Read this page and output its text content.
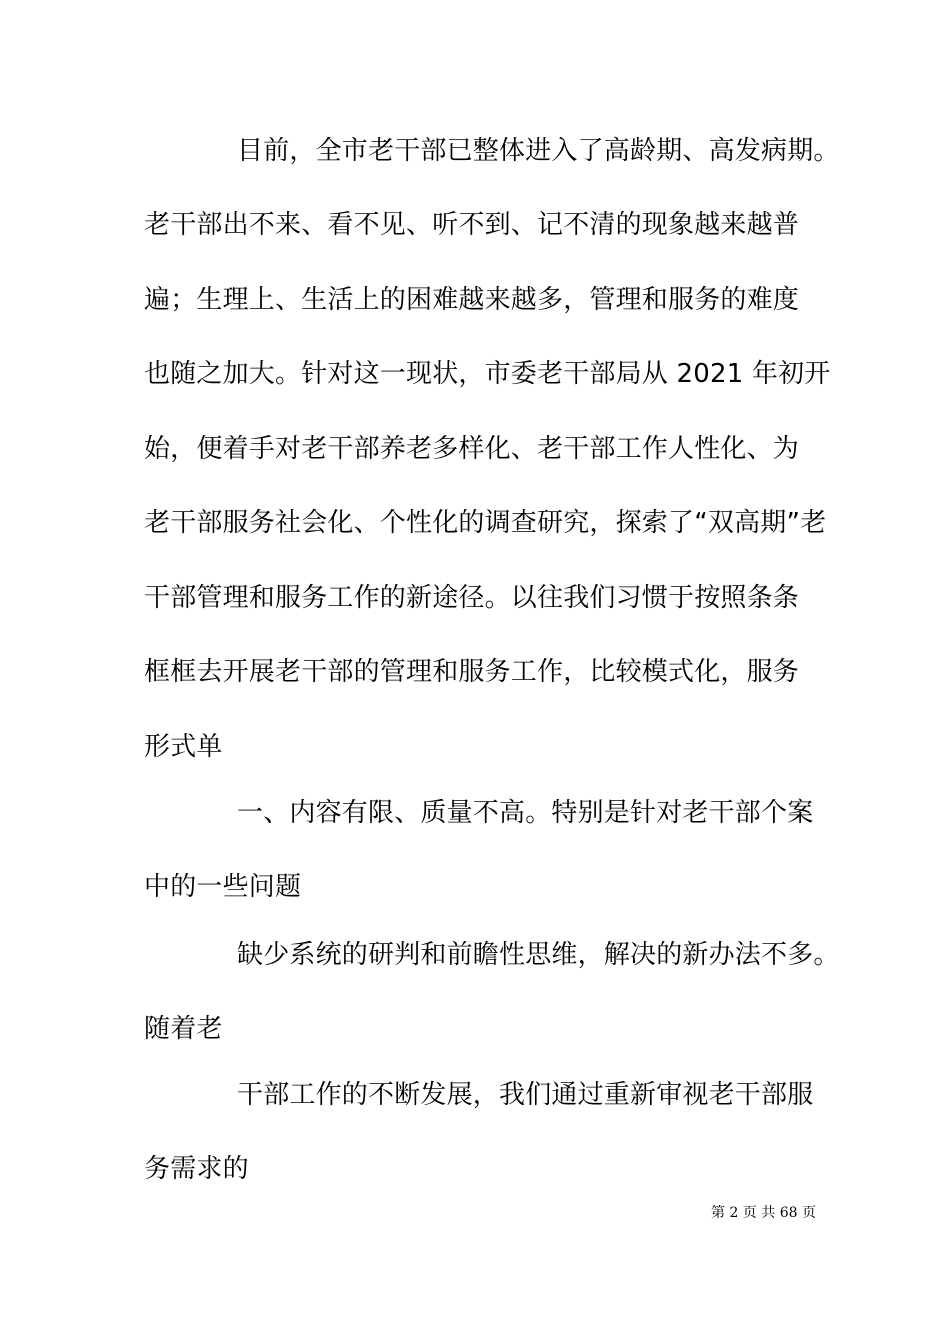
目前，全市老干部已整体进入了高龄期、高发病期。
老干部出不来、看不见、听不到、记不清的现象越来越普
遍；生理上、生活上的困难越来越多，管理和服务的难度
也随之加大。针对这一现状，市委老干部局从 2021 年初开
始，便着手对老干部养老多样化、老干部工作人性化、为
老干部服务社会化、个性化的调查研究，探索了“双高期”老
干部管理和服务工作的新途径。以往我们习惯于按照条条
框框去开展老干部的管理和服务工作，比较模式化，服务
形式单
一、内容有限、质量不高。特别是针对老干部个案
中的一些问题
缺少系统的研判和前瞻性思维，解决的新办法不多。
随着老
干部工作的不断发展，我们通过重新审视老干部服
务需求的
第 2 页 共 68 页
